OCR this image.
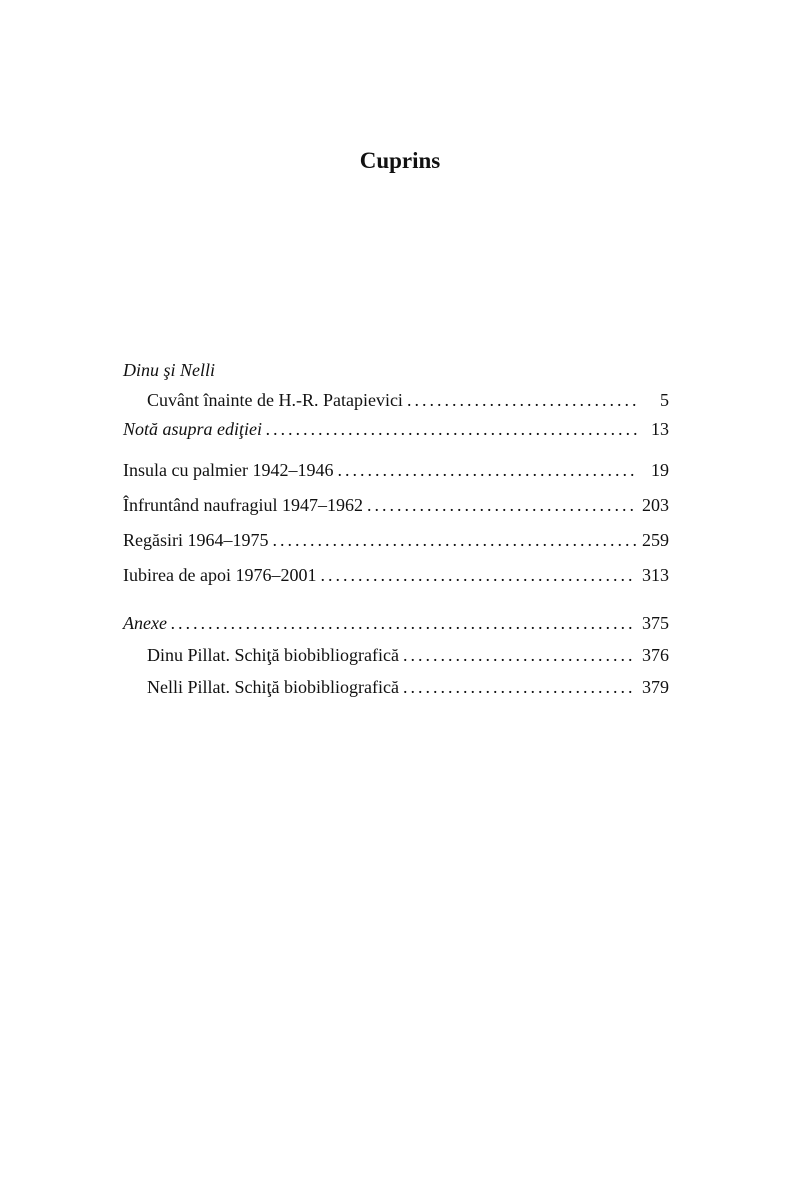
Cuprins
Dinu şi Nelli
Cuvânt înainte de H.-R. Patapievici .....	5
Notă asupra ediţiei .....	13
Insula cu palmier 1942–1946 .....	19
Înfruntând naufragiul 1947–1962 .....	203
Regăsiri 1964–1975 .....	259
Iubirea de apoi 1976–2001 .....	313
Anexe .....	375
Dinu Pillat. Schiţă biobibliografică .....	376
Nelli Pillat. Schiţă biobibliografică .....	379
